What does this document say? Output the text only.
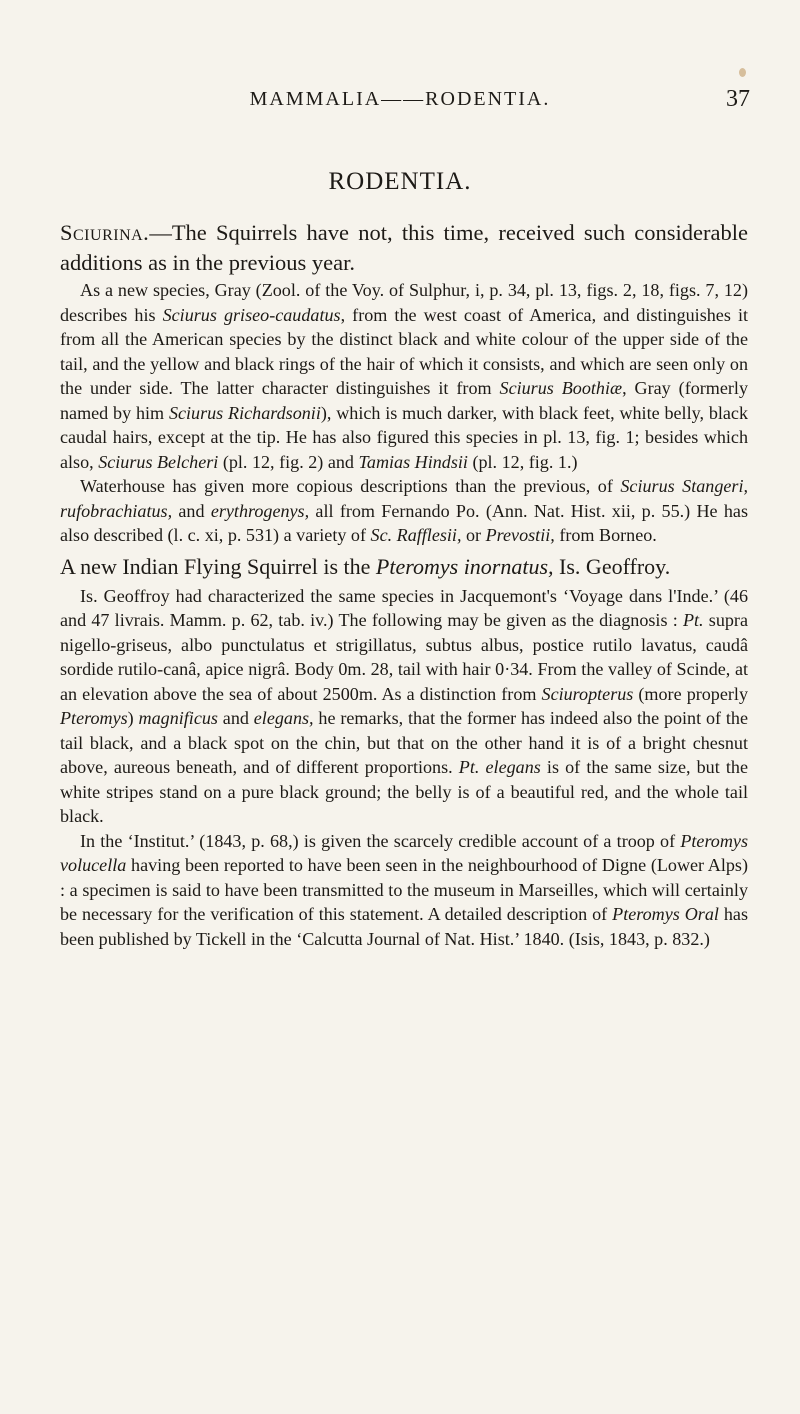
MAMMALIA——RODENTIA.	37
RODENTIA.

Sciurina.—The Squirrels have not, this time, received such considerable additions as in the previous year.

As a new species, Gray (Zool. of the Voy. of Sulphur, i, p. 34, pl. 13, figs. 2, 18, figs. 7, 12) describes his Sciurus griseo-caudatus, from the west coast of America, and distinguishes it from all the American species by the distinct black and white colour of the upper side of the tail, and the yellow and black rings of the hair of which it consists, and which are seen only on the under side. The latter character distinguishes it from Sciurus Boothiæ, Gray (formerly named by him Sciurus Richardsonii), which is much darker, with black feet, white belly, black caudal hairs, except at the tip. He has also figured this species in pl. 13, fig. 1; besides which also, Sciurus Belcheri (pl. 12, fig. 2) and Tamias Hindsii (pl. 12, fig. 1.)

Waterhouse has given more copious descriptions than the previous, of Sciurus Stangeri, rufobrachiatus, and erythrogenys, all from Fernando Po. (Ann. Nat. Hist. xii, p. 55.) He has also described (l. c. xi, p. 531) a variety of Sc. Rafflesii, or Prevostii, from Borneo.

A new Indian Flying Squirrel is the Pteromys inornatus, Is. Geoffroy.

Is. Geoffroy had characterized the same species in Jacquemont's ‘Voyage dans l'Inde.’ (46 and 47 livrais. Mamm. p. 62, tab. iv.) The following may be given as the diagnosis : Pt. supra nigello-griseus, albo punctulatus et strigillatus, subtus albus, postice rutilo lavatus, caudâ sordide rutilo-canâ, apice nigrâ. Body 0m. 28, tail with hair 0·34. From the valley of Scinde, at an elevation above the sea of about 2500m. As a distinction from Sciuropterus (more properly Pteromys) magnificus and elegans, he remarks, that the former has indeed also the point of the tail black, and a black spot on the chin, but that on the other hand it is of a bright chesnut above, aureous beneath, and of different proportions. Pt. elegans is of the same size, but the white stripes stand on a pure black ground; the belly is of a beautiful red, and the whole tail black.

In the ‘Institut.’ (1843, p. 68,) is given the scarcely credible account of a troop of Pteromys volucella having been reported to have been seen in the neighbourhood of Digne (Lower Alps) : a specimen is said to have been transmitted to the museum in Marseilles, which will certainly be necessary for the verification of this statement. A detailed description of Pteromys Oral has been published by Tickell in the ‘Calcutta Journal of Nat. Hist.’ 1840. (Isis, 1843, p. 832.)
